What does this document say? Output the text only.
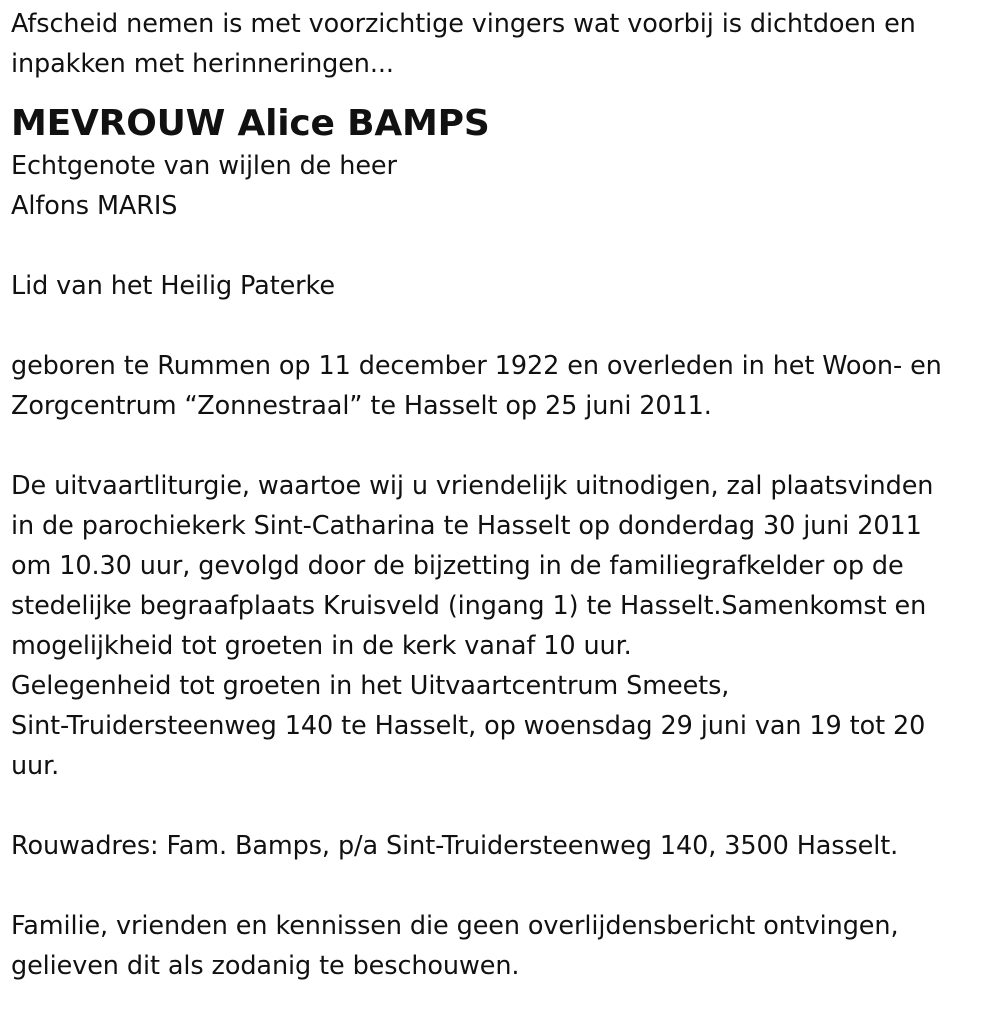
Afscheid nemen is met voorzichtige vingers wat voorbij is dichtdoen en
inpakken met herinneringen...
MEVROUW Alice BAMPS
Echtgenote van wijlen de heer
Alfons MARIS
Lid van het Heilig Paterke
geboren te Rummen op 11 december 1922 en overleden in het Woon- en
Zorgcentrum “Zonnestraal” te Hasselt op 25 juni 2011.
De uitvaartliturgie, waartoe wij u vriendelijk uitnodigen, zal plaatsvinden
in de parochiekerk Sint-Catharina te Hasselt op donderdag 30 juni 2011
om 10.30 uur, gevolgd door de bijzetting in de familiegrafkelder op de
stedelijke begraafplaats Kruisveld (ingang 1) te Hasselt.Samenkomst en
mogelijkheid tot groeten in de kerk vanaf 10 uur.
Gelegenheid tot groeten in het Uitvaartcentrum Smeets,
Sint-Truidersteenweg 140 te Hasselt, op woensdag 29 juni van 19 tot 20
uur.
Rouwadres: Fam. Bamps, p/a Sint-Truidersteenweg 140, 3500 Hasselt.
Familie, vrienden en kennissen die geen overlijdensbericht ontvingen,
gelieven dit als zodanig te beschouwen.
